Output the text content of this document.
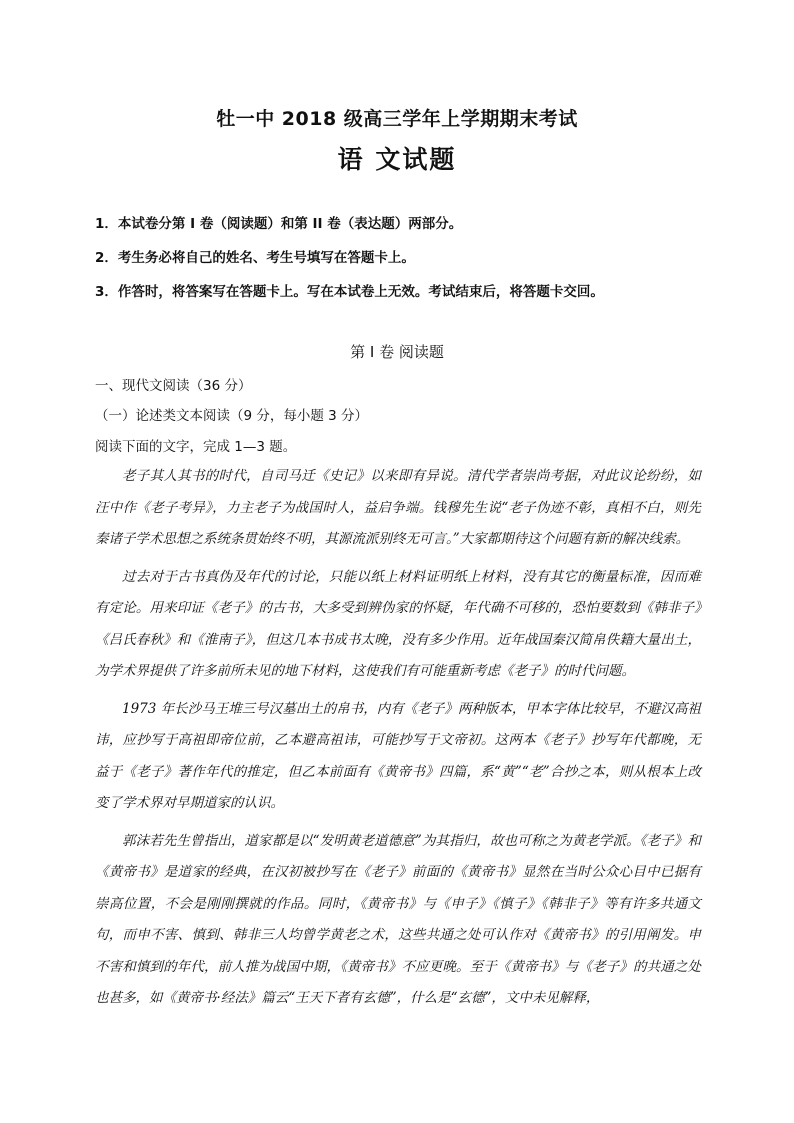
牡一中 2018 级高三学年上学期期末考试
语 文试题
1．本试卷分第 I 卷（阅读题）和第 II 卷（表达题）两部分。
2．考生务必将自己的姓名、考生号填写在答题卡上。
3．作答时，将答案写在答题卡上。写在本试卷上无效。考试结束后，将答题卡交回。
第 I 卷 阅读题
一、现代文阅读（36 分）
（一）论述类文本阅读（9 分，每小题 3 分）
阅读下面的文字，完成 1—3 题。

老子其人其书的时代，自司马迁《史记》以来即有异说。清代学者崇尚考据，对此议论纷纷，如汪中作《老子考异》，力主老子为战国时人，益启争端。钱穆先生说“老子伪迹不彰，真相不白，则先秦诸子学术思想之系统条贯始终不明，其源流派别终无可言。”大家都期待这个问题有新的解决线索。

过去对于古书真伪及年代的讨论，只能以纸上材料证明纸上材料，没有其它的衡量标准，因而难有定论。用来印证《老子》的古书，大多受到辨伪家的怀疑，年代确不可移的，恐怕要数到《韩非子》《吕氏春秋》和《淮南子》，但这几本书成书太晚，没有多少作用。近年战国秦汉简帛佚籍大量出土，为学术界提供了许多前所未见的地下材料，这使我们有可能重新考虑《老子》的时代问题。

1973 年长沙马王堆三号汉墓出土的帛书，内有《老子》两种版本，甲本字体比较早，不避汉高祖讳，应抄写于高祖即帝位前，乙本避高祖讳，可能抄写于文帝初。这两本《老子》抄写年代都晚，无益于《老子》著作年代的推定，但乙本前面有《黄帝书》四篇，系“黄”“老”合抄之本，则从根本上改变了学术界对早期道家的认识。

郭沫若先生曾指出，道家都是以“发明黄老道德意”为其指归，故也可称之为黄老学派。《老子》和《黄帝书》是道家的经典，在汉初被抄写在《老子》前面的《黄帝书》显然在当时公众心目中已据有崇高位置，不会是刚刚撰就的作品。同时，《黄帝书》与《申子》《慎子》《韩非子》等有许多共通文句，而申不害、慎到、韩非三人均曾学黄老之术，这些共通之处可认作对《黄帝书》的引用阐发。申不害和慎到的年代，前人推为战国中期，《黄帝书》不应更晚。至于《黄帝书》与《老子》的共通之处也甚多，如《黄帝书·经法》篇云“王天下者有玄德”，什么是“玄德”，文中未见解释，
